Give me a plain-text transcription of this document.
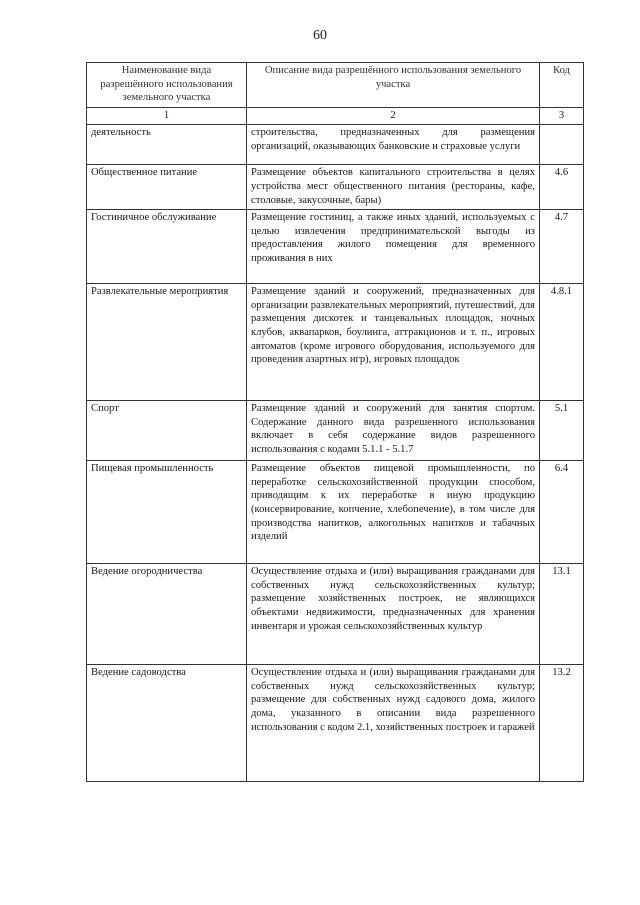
60
Наименование вида разрешённого использования земельного участка	Описание вида разрешённого использования земельного участка	Код
1	2	3
деятельность	строительства, предназначенных для размещения организаций, оказывающих банковские и страховые услуги	
Общественное питание	Размещение объектов капитального строительства в целях устройства мест общественного питания (рестораны, кафе, столовые, закусочные, бары)	4.6
Гостиничное обслуживание	Размещение гостиниц, а также иных зданий, используемых с целью извлечения предпринимательской выгоды из предоставления жилого помещения для временного проживания в них	4.7
Развлекательные мероприятия	Размещение зданий и сооружений, предназначенных для организации развлекательных мероприятий, путешествий, для размещения дискотек и танцевальных площадок, ночных клубов, аквапарков, боулинга, аттракционов и т. п., игровых автоматов (кроме игрового оборудования, используемого для проведения азартных игр), игровых площадок	4.8.1
Спорт	Размещение зданий и сооружений для занятия спортом. Содержание данного вида разрешенного использования включает в себя содержание видов разрешенного использования с кодами 5.1.1 - 5.1.7	5.1
Пищевая промышленность	Размещение объектов пищевой промышленности, по переработке сельскохозяйственной продукции способом, приводящим к их переработке в иную продукцию (консервирование, копчение, хлебопечение), в том числе для производства напитков, алкогольных напитков и табачных изделий	6.4
Ведение огородничества	Осуществление отдыха и (или) выращивания гражданами для собственных нужд сельскохозяйственных культур; размещение хозяйственных построек, не являющихся объектами недвижимости, предназначенных для хранения инвентаря и урожая сельскохозяйственных культур	13.1
Ведение садоводства	Осуществление отдыха и (или) выращивания гражданами для собственных нужд сельскохозяйственных культур; размещение для собственных нужд садового дома, жилого дома, указанного в описании вида разрешенного использования с кодом 2.1, хозяйственных построек и гаражей	13.2
